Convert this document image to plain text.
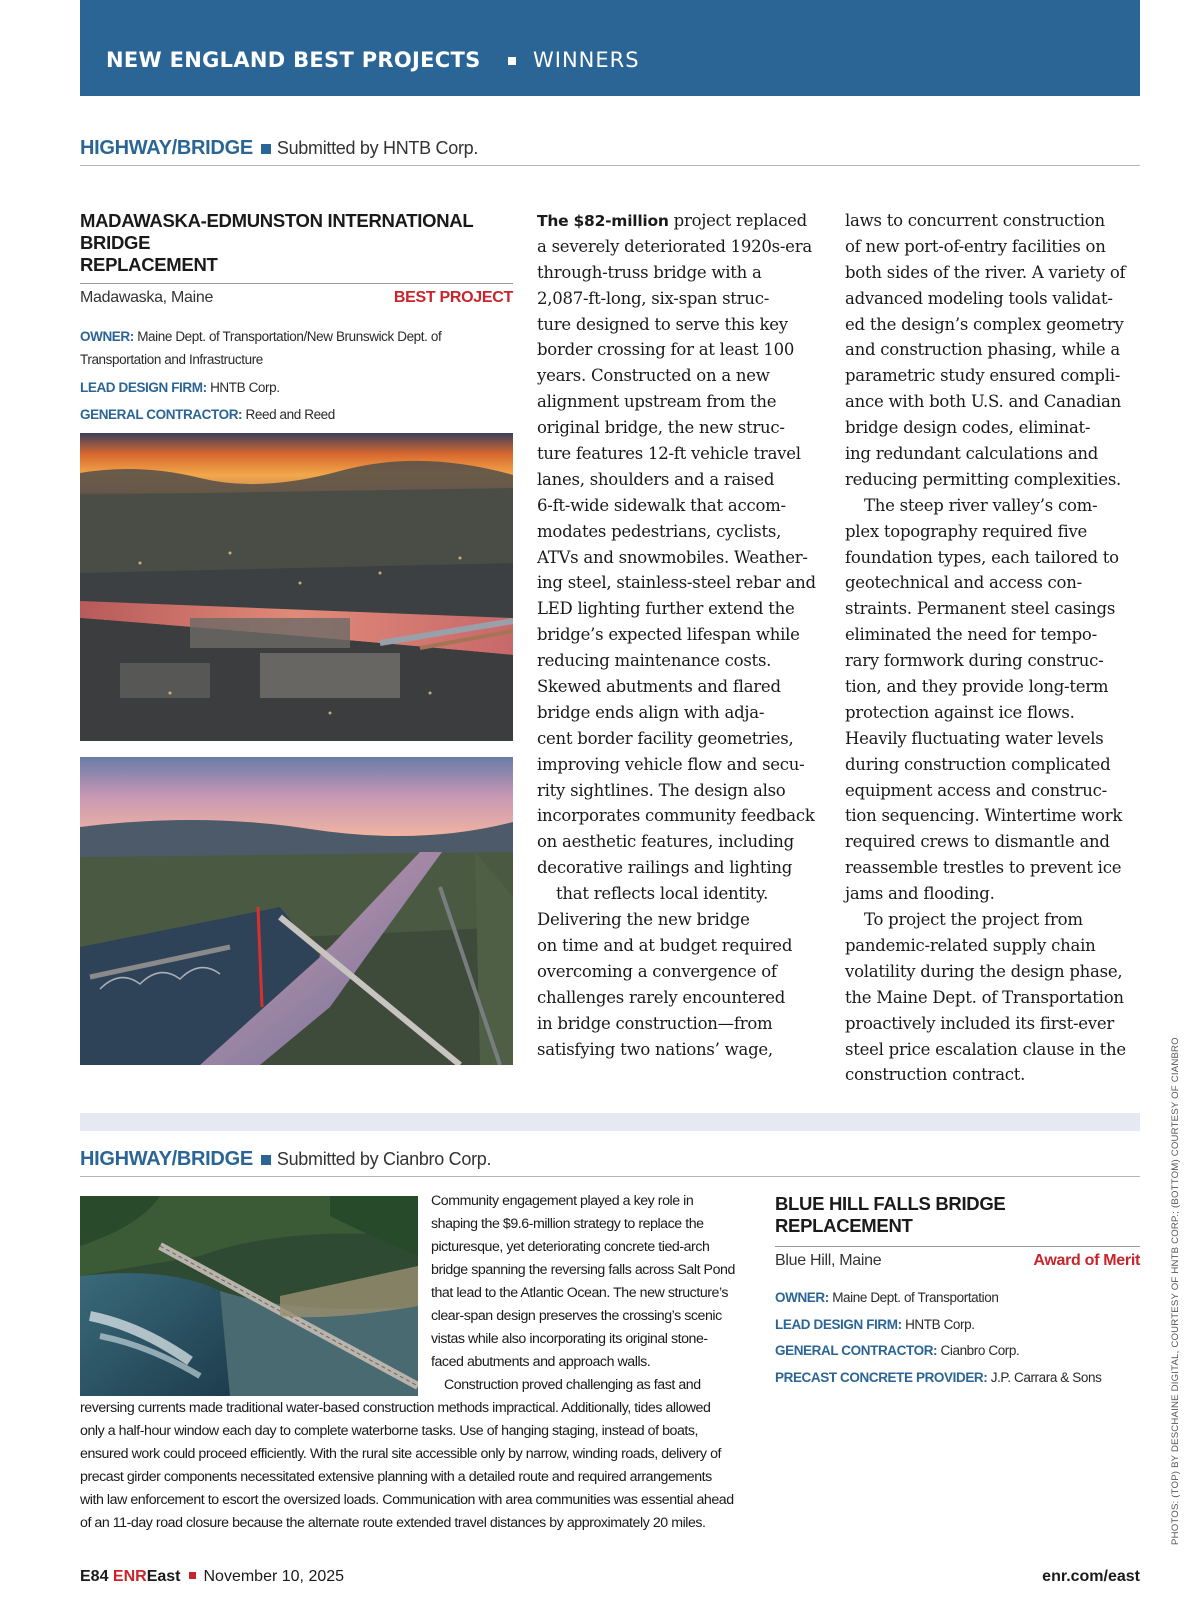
NEW ENGLAND BEST PROJECTS WINNERS
HIGHWAY/BRIDGE Submitted by HNTB Corp.
MADAWASKA-EDMUNSTON INTERNATIONAL BRIDGE
REPLACEMENT
Madawaska, Maine	BEST PROJECT
OWNER: Maine Dept. of Transportation/New Brunswick Dept. of Transportation and Infrastructure
LEAD DESIGN FIRM: HNTB Corp.
GENERAL CONTRACTOR: Reed and Reed
The $82-million project replaced
a severely deteriorated 1920s-era
through-truss bridge with a
2,087-ft-long, six-span struc-
ture designed to serve this key
border crossing for at least 100
years. Constructed on a new
alignment upstream from the
original bridge, the new struc-
ture features 12-ft vehicle travel
lanes, shoulders and a raised
6-ft-wide sidewalk that accom-
modates pedestrians, cyclists,
ATVs and snowmobiles. Weather-
ing steel, stainless-steel rebar and
LED lighting further extend the
bridge’s expected lifespan while
reducing maintenance costs.
Skewed abutments and flared
bridge ends align with adja-
cent border facility geometries,
improving vehicle flow and secu-
rity sightlines. The design also
incorporates community feedback
on aesthetic features, including
decorative railings and lighting
that reflects local identity.
Delivering the new bridge
on time and at budget required
overcoming a convergence of
challenges rarely encountered
in bridge construction—from
satisfying two nations’ wage,
laws to concurrent construction
of new port-of-entry facilities on
both sides of the river. A variety of
advanced modeling tools validat-
ed the design’s complex geometry
and construction phasing, while a
parametric study ensured compli-
ance with both U.S. and Canadian
bridge design codes, eliminat-
ing redundant calculations and
reducing permitting complexities.
The steep river valley’s com-
plex topography required five
foundation types, each tailored to
geotechnical and access con-
straints. Permanent steel casings
eliminated the need for tempo-
rary formwork during construc-
tion, and they provide long-term
protection against ice flows.
Heavily fluctuating water levels
during construction complicated
equipment access and construc-
tion sequencing. Wintertime work
required crews to dismantle and
reassemble trestles to prevent ice
jams and flooding.
To project the project from
pandemic-related supply chain
volatility during the design phase,
the Maine Dept. of Transportation
proactively included its first-ever
steel price escalation clause in the
construction contract.
HIGHWAY/BRIDGE Submitted by Cianbro Corp.
Community engagement played a key role in
shaping the $9.6-million strategy to replace the
picturesque, yet deteriorating concrete tied-arch
bridge spanning the reversing falls across Salt Pond
that lead to the Atlantic Ocean. The new structure’s
clear-span design preserves the crossing’s scenic
vistas while also incorporating its original stone-
faced abutments and approach walls.
Construction proved challenging as fast and
reversing currents made traditional water-based construction methods impractical. Additionally, tides allowed
only a half-hour window each day to complete waterborne tasks. Use of hanging staging, instead of boats,
ensured work could proceed efficiently. With the rural site accessible only by narrow, winding roads, delivery of
precast girder components necessitated extensive planning with a detailed route and required arrangements
with law enforcement to escort the oversized loads. Communication with area communities was essential ahead
of an 11-day road closure because the alternate route extended travel distances by approximately 20 miles.
BLUE HILL FALLS BRIDGE REPLACEMENT
Blue Hill, Maine	Award of Merit
OWNER: Maine Dept. of Transportation
LEAD DESIGN FIRM: HNTB Corp.
GENERAL CONTRACTOR: Cianbro Corp.
PRECAST CONCRETE PROVIDER: J.P. Carrara & Sons	PHOTOS: (TOP) BY DESCHAINE DIGITAL, COURTESY OF HNTB CORP.; (BOTTOM) COURTESY OF CIANBRO
E84 ENREast November 10, 2025	enr.com/east
